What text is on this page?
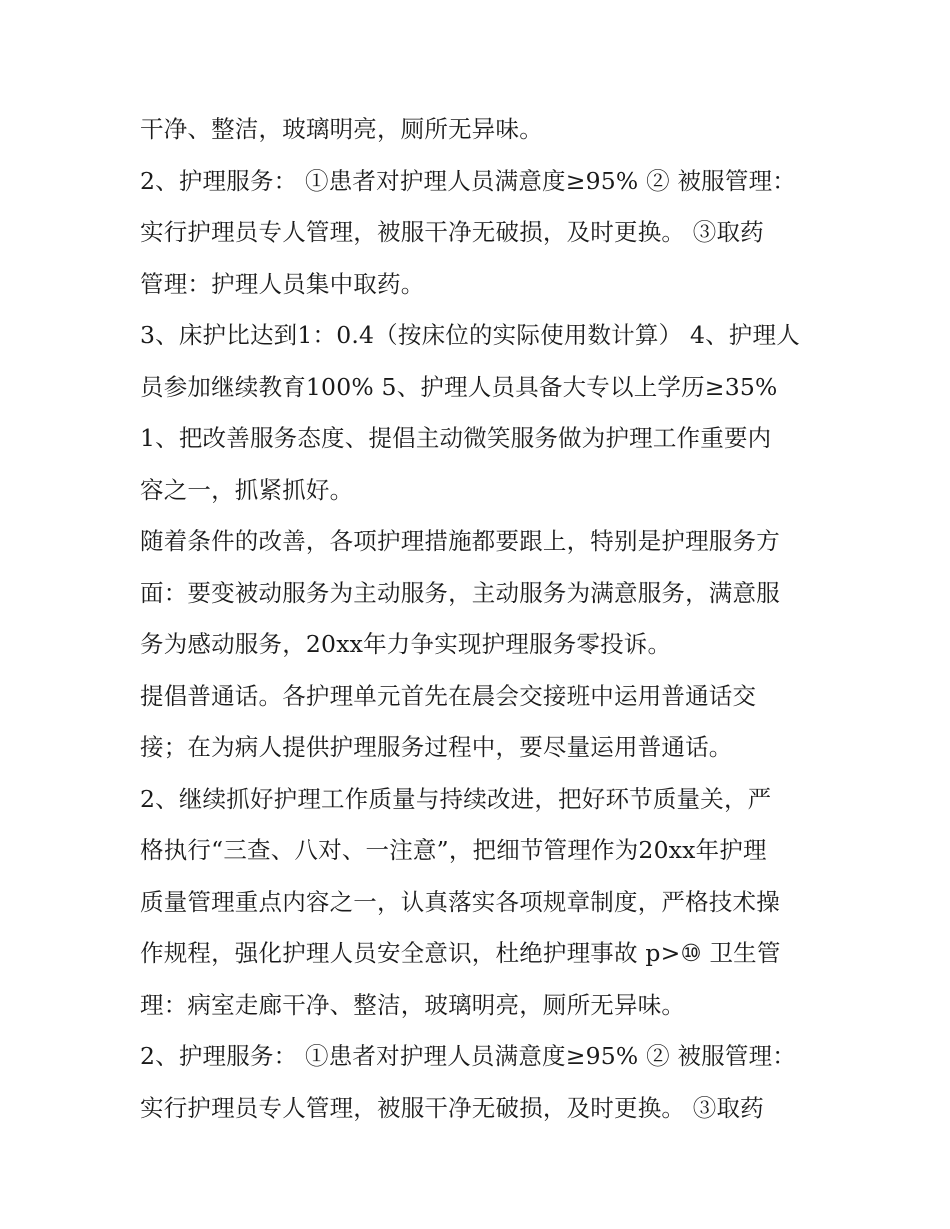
干净、整洁，玻璃明亮，厕所无异味。
2、护理服务： ①患者对护理人员满意度≥95% ② 被服管理：
实行护理员专人管理，被服干净无破损，及时更换。 ③取药
管理：护理人员集中取药。
3、床护比达到1：0.4（按床位的实际使用数计算） 4、护理人
员参加继续教育100% 5、护理人员具备大专以上学历≥35%
1、把改善服务态度、提倡主动微笑服务做为护理工作重要内
容之一，抓紧抓好。
随着条件的改善，各项护理措施都要跟上，特别是护理服务方
面：要变被动服务为主动服务，主动服务为满意服务，满意服
务为感动服务，20xx年力争实现护理服务零投诉。
提倡普通话。各护理单元首先在晨会交接班中运用普通话交
接；在为病人提供护理服务过程中，要尽量运用普通话。
2、继续抓好护理工作质量与持续改进，把好环节质量关，严
格执行“三查、八对、一注意”，把细节管理作为20xx年护理
质量管理重点内容之一，认真落实各项规章制度，严格技术操
作规程，强化护理人员安全意识，杜绝护理事故 p>⑩ 卫生管
理：病室走廊干净、整洁，玻璃明亮，厕所无异味。
2、护理服务： ①患者对护理人员满意度≥95% ② 被服管理：
实行护理员专人管理，被服干净无破损，及时更换。 ③取药
